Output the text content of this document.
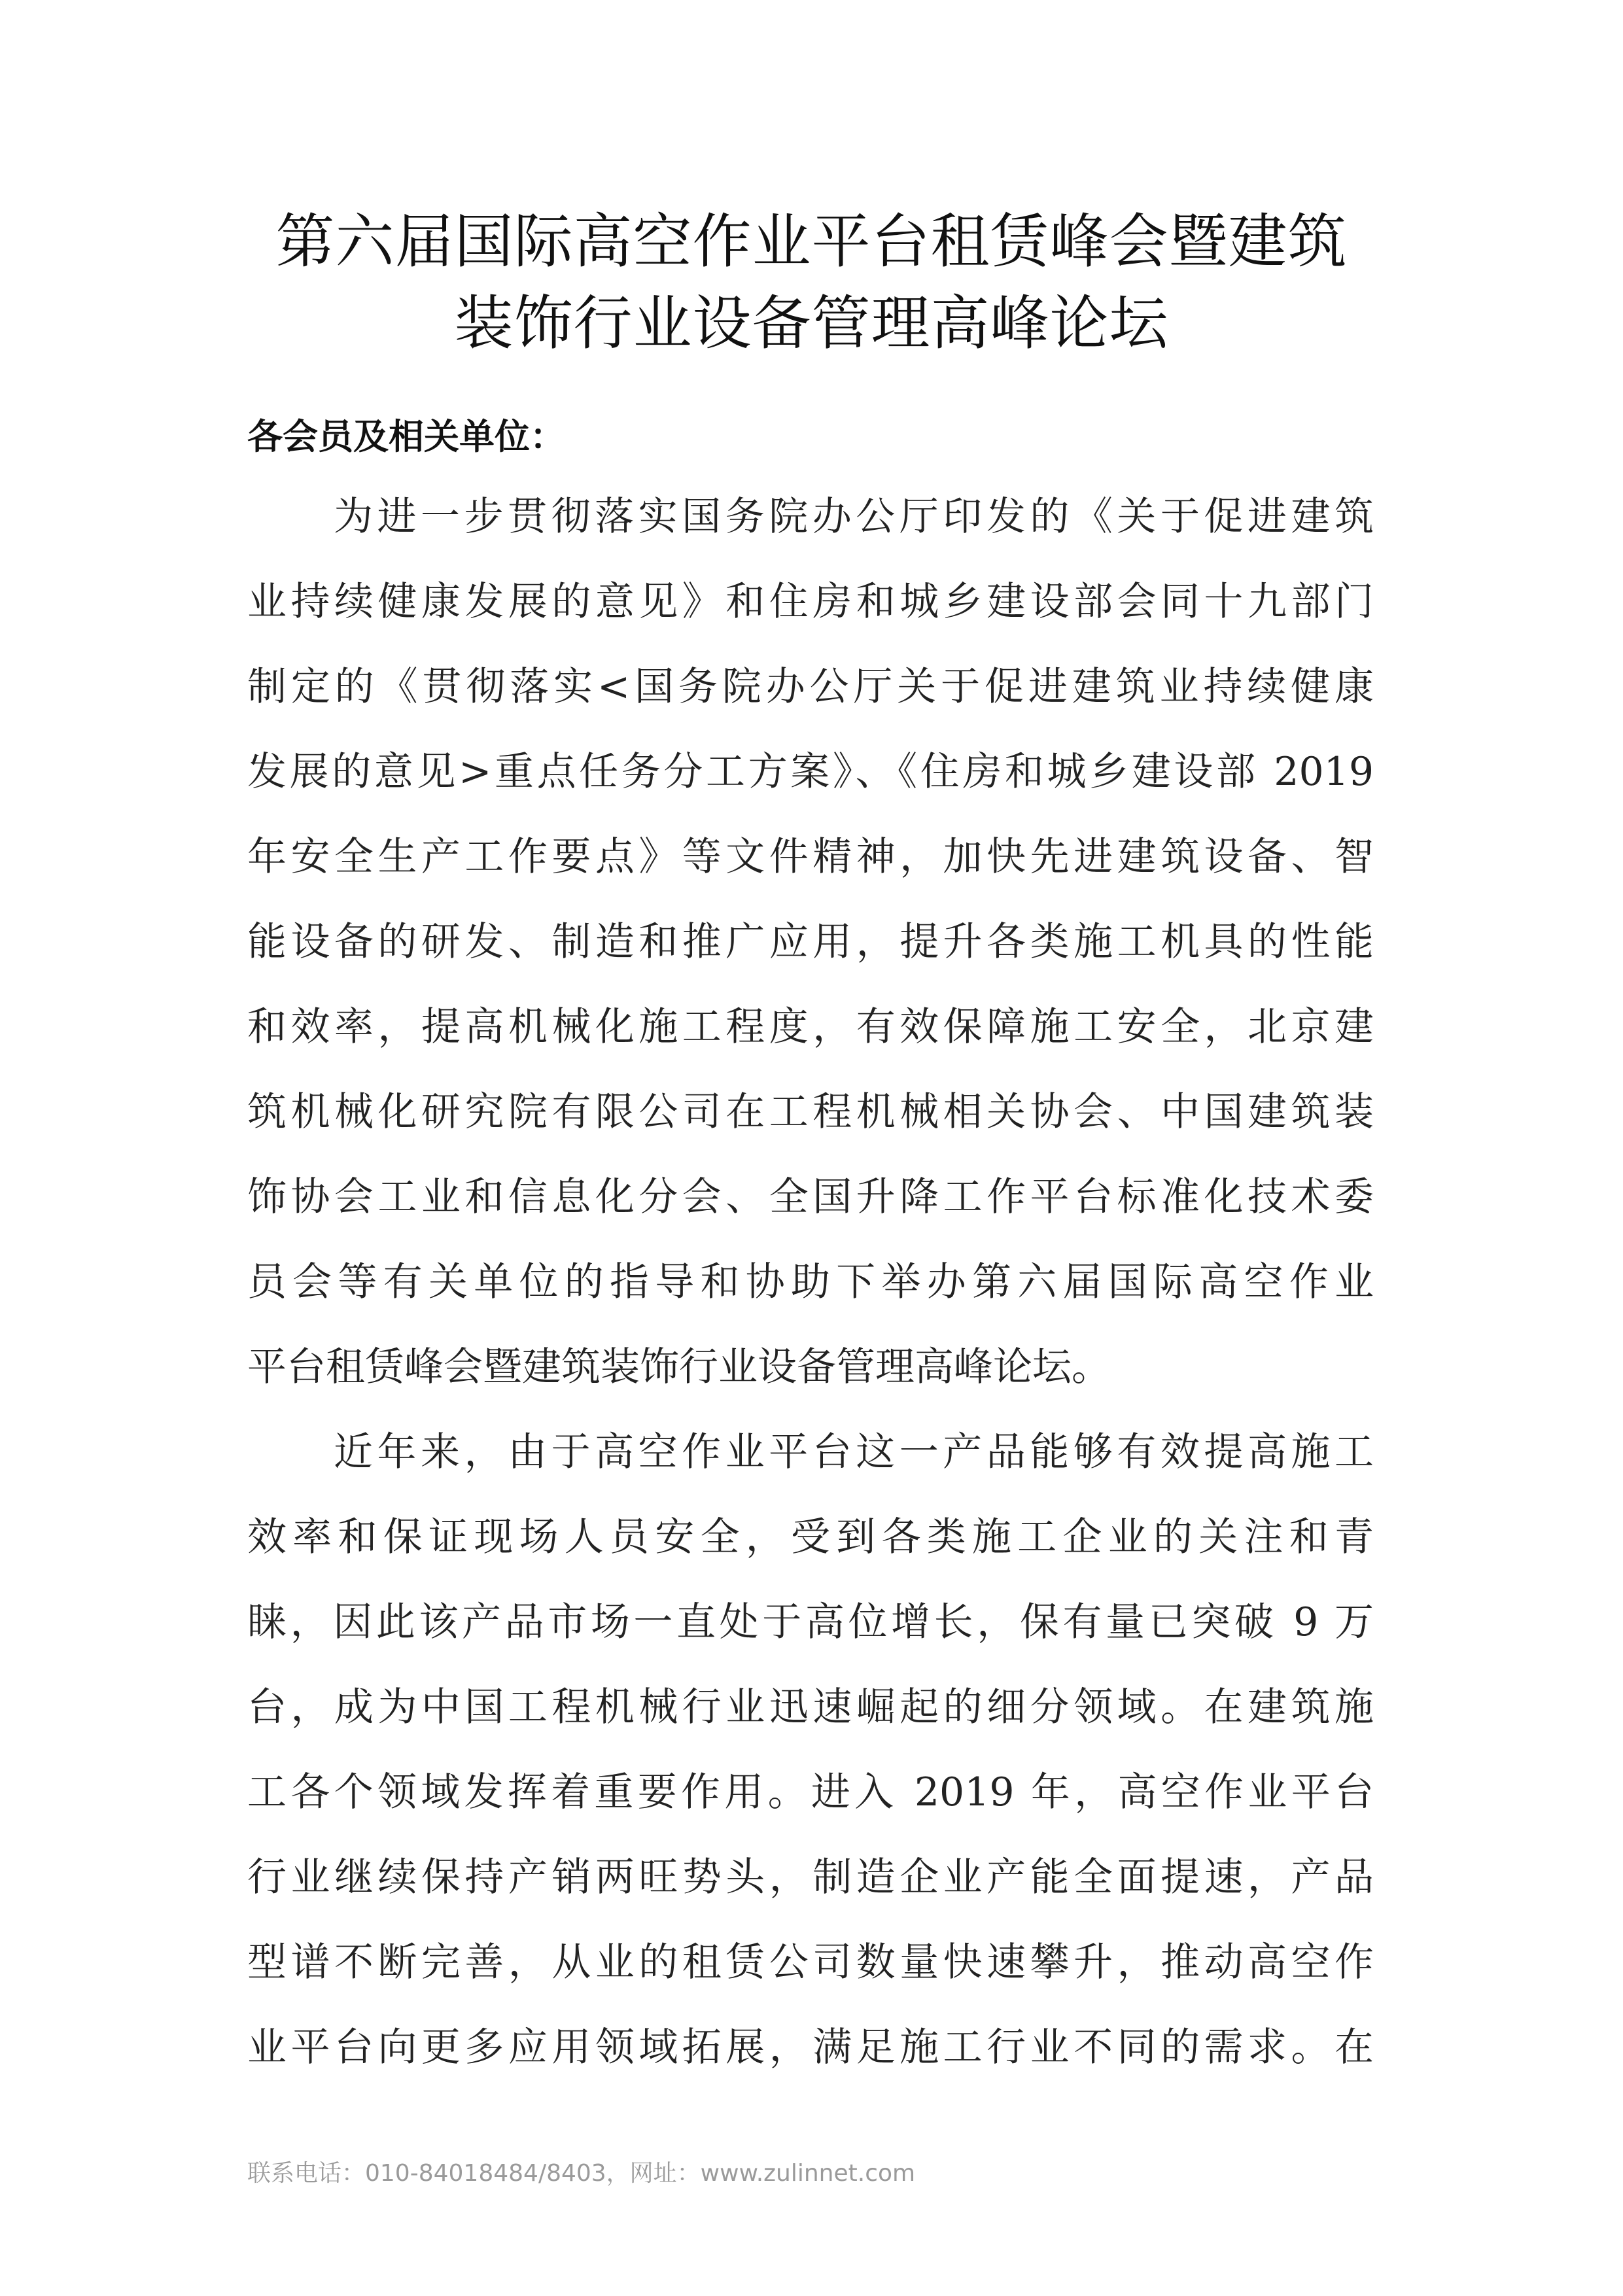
第六届国际高空作业平台租赁峰会暨建筑
装饰行业设备管理高峰论坛
各会员及相关单位：
为进一步贯彻落实国务院办公厅印发的《关于促进建筑
业持续健康发展的意见》和住房和城乡建设部会同十九部门
制定的《贯彻落实<国务院办公厅关于促进建筑业持续健康
发展的意见>重点任务分工方案》、《住房和城乡建设部 2019
年安全生产工作要点》等文件精神，加快先进建筑设备、智
能设备的研发、制造和推广应用，提升各类施工机具的性能
和效率，提高机械化施工程度，有效保障施工安全，北京建
筑机械化研究院有限公司在工程机械相关协会、中国建筑装
饰协会工业和信息化分会、全国升降工作平台标准化技术委
员会等有关单位的指导和协助下举办第六届国际高空作业
平台租赁峰会暨建筑装饰行业设备管理高峰论坛。
近年来，由于高空作业平台这一产品能够有效提高施工
效率和保证现场人员安全，受到各类施工企业的关注和青
睐，因此该产品市场一直处于高位增长，保有量已突破 9 万
台，成为中国工程机械行业迅速崛起的细分领域。在建筑施
工各个领域发挥着重要作用。进入 2019 年，高空作业平台
行业继续保持产销两旺势头，制造企业产能全面提速，产品
型谱不断完善，从业的租赁公司数量快速攀升，推动高空作
业平台向更多应用领域拓展，满足施工行业不同的需求。在
联系电话：010-84018484/8403，网址：www.zulinnet.com
